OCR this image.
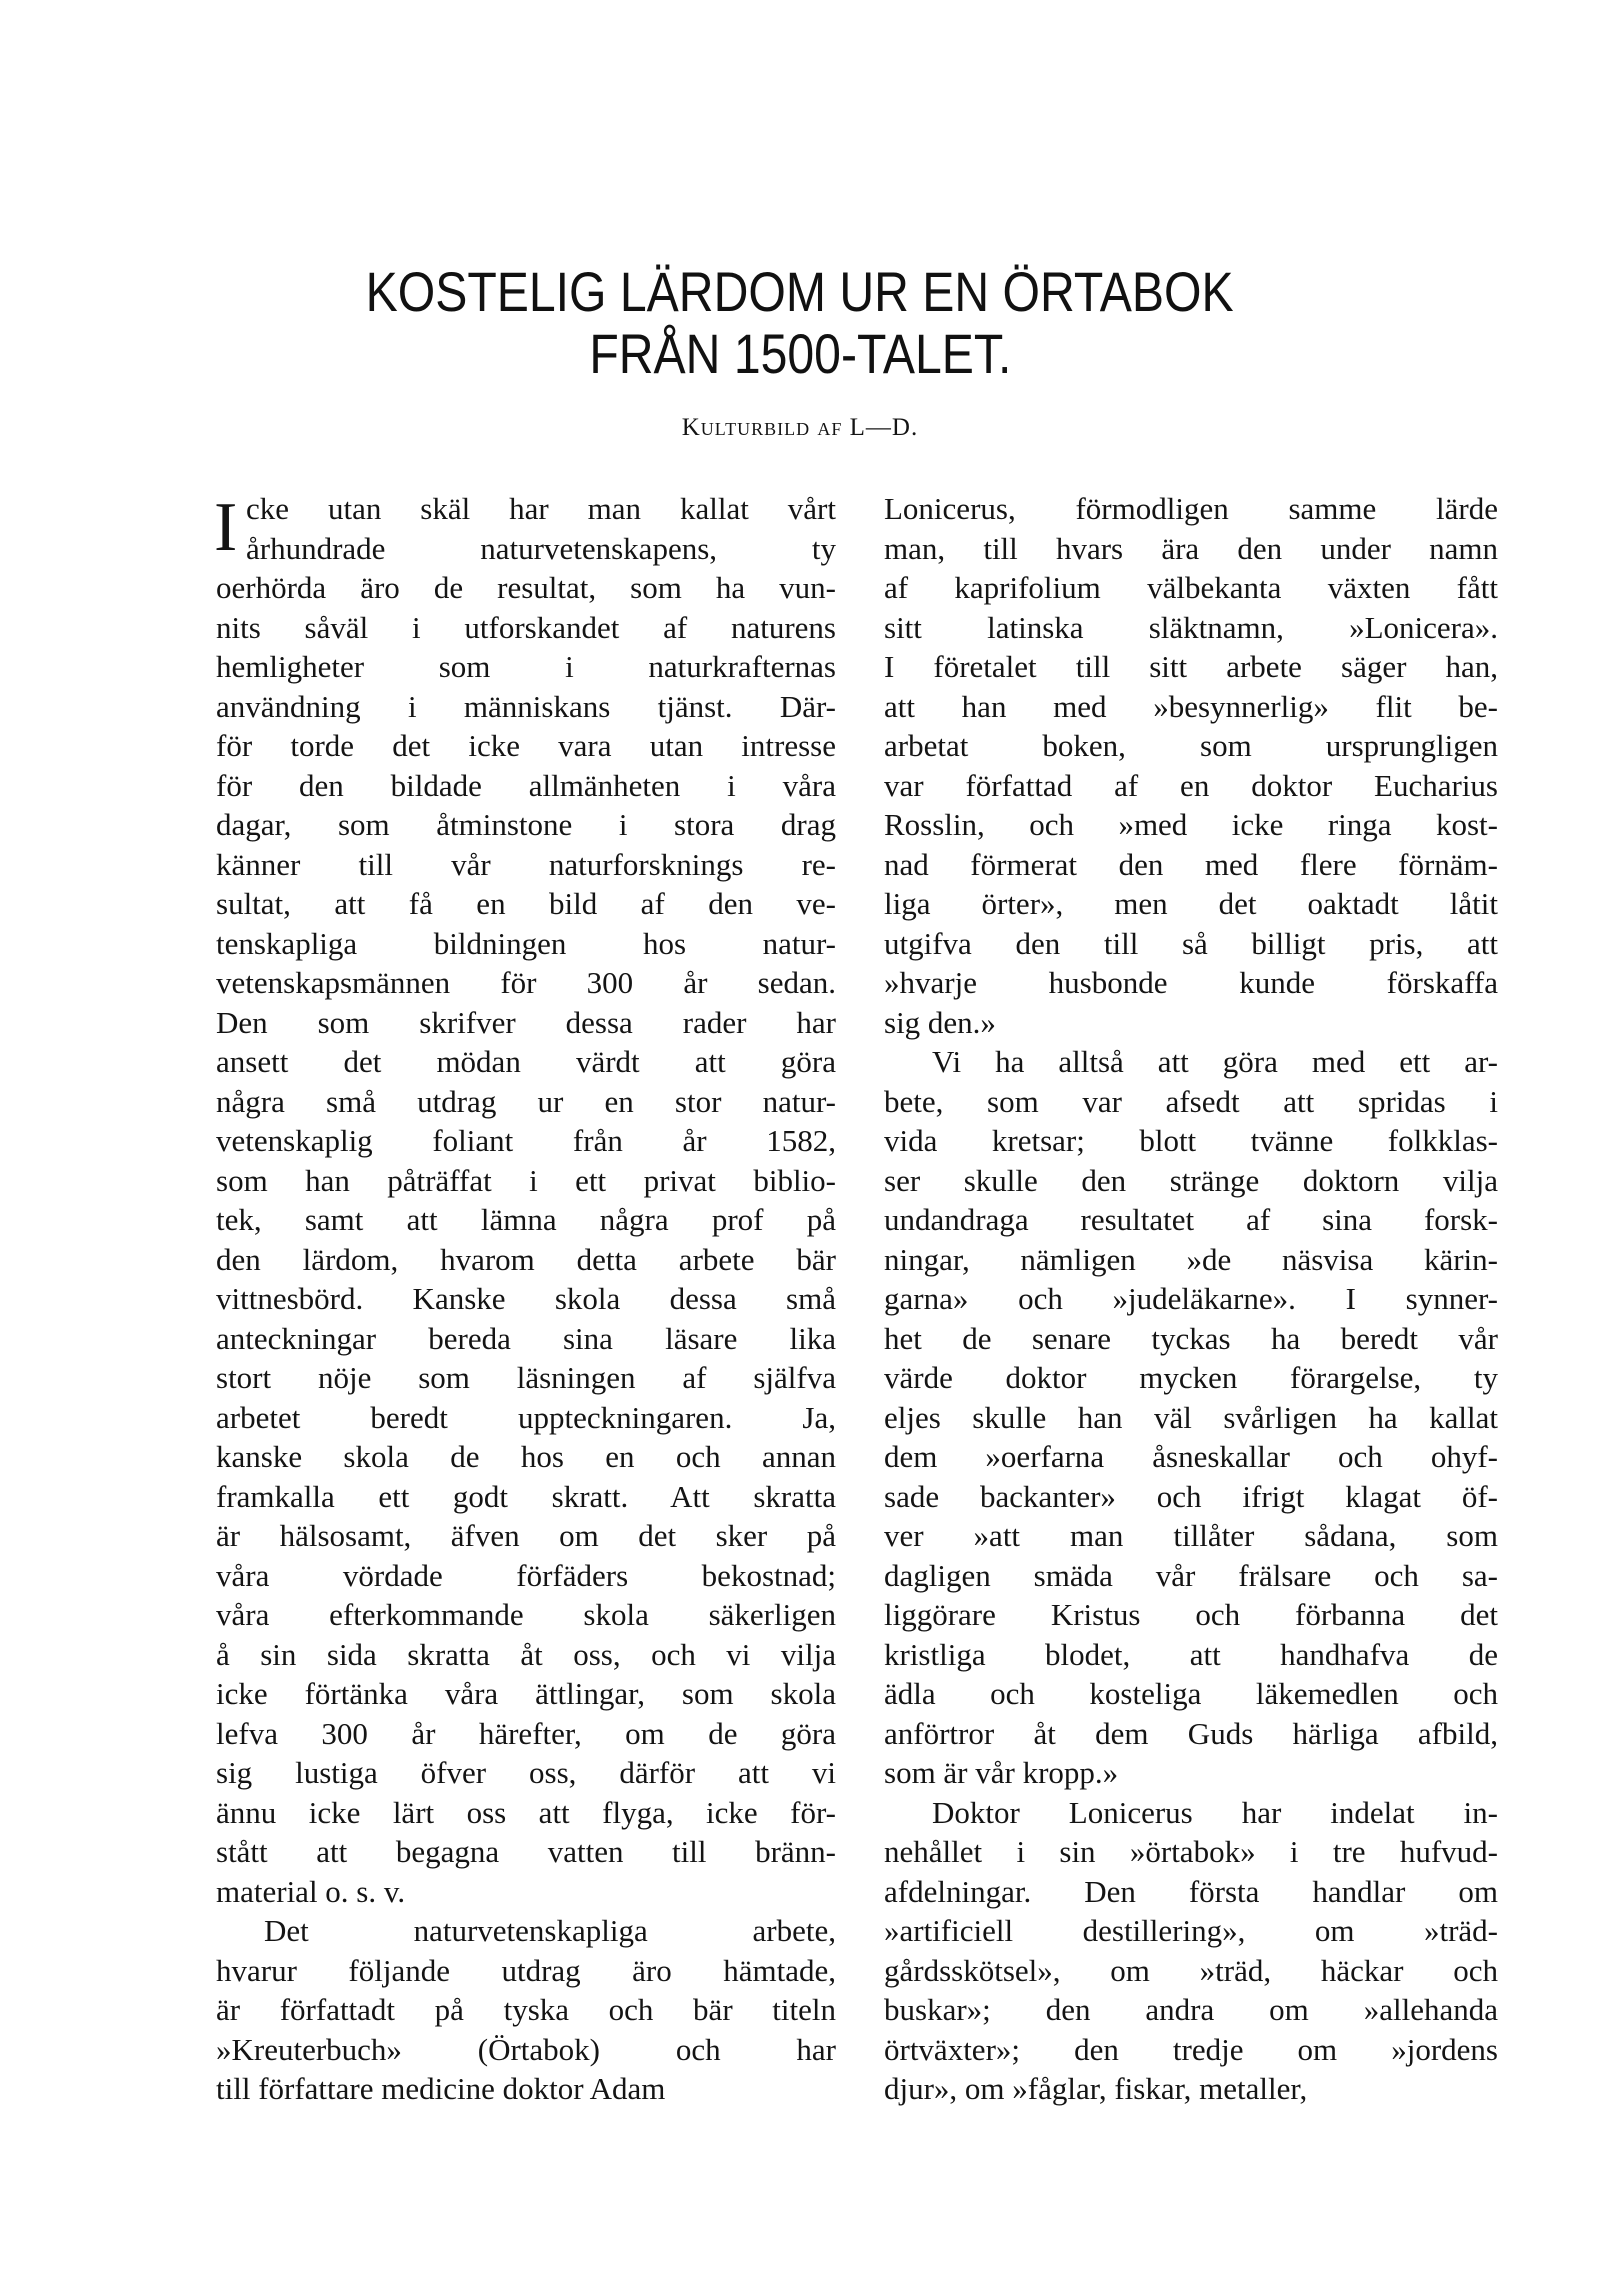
KOSTELIG LÄRDOM UR EN ÖRTABOK
FRÅN 1500-TALET.
Kulturbild af L—D.
I cke utan skäl har man kallat vårt
århundrade naturvetenskapens, ty
oerhörda äro de resultat, som ha vun-
nits såväl i utforskandet af naturens
hemligheter som i naturkrafternas
användning i människans tjänst. Där-
för torde det icke vara utan intresse
för den bildade allmänheten i våra
dagar, som åtminstone i stora drag
känner till vår naturforsknings re-
sultat, att få en bild af den ve-
tenskapliga bildningen hos natur-
vetenskapsmännen för 300 år sedan.
Den som skrifver dessa rader har
ansett det mödan värdt att göra
några små utdrag ur en stor natur-
vetenskaplig foliant från år 1582,
som han påträffat i ett privat biblio-
tek, samt att lämna några prof på
den lärdom, hvarom detta arbete bär
vittnesbörd. Kanske skola dessa små
anteckningar bereda sina läsare lika
stort nöje som läsningen af själfva
arbetet beredt uppteckningaren. Ja,
kanske skola de hos en och annan
framkalla ett godt skratt. Att skratta
är hälsosamt, äfven om det sker på
våra vördade förfäders bekostnad;
våra efterkommande skola säkerligen
å sin sida skratta åt oss, och vi vilja
icke förtänka våra ättlingar, som skola
lefva 300 år härefter, om de göra
sig lustiga öfver oss, därför att vi
ännu icke lärt oss att flyga, icke för-
stått att begagna vatten till bränn-
material o. s. v.
Det naturvetenskapliga arbete,
hvarur följande utdrag äro hämtade,
är författadt på tyska och bär titeln
»Kreuterbuch» (Örtabok) och har
till författare medicine doktor Adam
Lonicerus, förmodligen samme lärde
man, till hvars ära den under namn
af kaprifolium välbekanta växten fått
sitt latinska släktnamn, »Lonicera».
I företalet till sitt arbete säger han,
att han med »besynnerlig» flit be-
arbetat boken, som ursprungligen
var författad af en doktor Eucharius
Rosslin, och »med icke ringa kost-
nad förmerat den med flere förnäm-
liga örter», men det oaktadt låtit
utgifva den till så billigt pris, att
»hvarje husbonde kunde förskaffa
sig den.»
Vi ha alltså att göra med ett ar-
bete, som var afsedt att spridas i
vida kretsar; blott tvänne folkklas-
ser skulle den stränge doktorn vilja
undandraga resultatet af sina forsk-
ningar, nämligen »de näsvisa kärin-
garna» och »judeläkarne». I synner-
het de senare tyckas ha beredt vår
värde doktor mycken förargelse, ty
eljes skulle han väl svårligen ha kallat
dem »oerfarna åsneskallar och ohyf-
sade backanter» och ifrigt klagat öf-
ver »att man tillåter sådana, som
dagligen smäda vår frälsare och sa-
liggörare Kristus och förbanna det
kristliga blodet, att handhafva de
ädla och kosteliga läkemedlen och
anförtror åt dem Guds härliga afbild,
som är vår kropp.»
Doktor Lonicerus har indelat in-
nehållet i sin »örtabok» i tre hufvud-
afdelningar. Den första handlar om
»artificiell destillering», om »träd-
gårdsskötsel», om »träd, häckar och
buskar»; den andra om »allehanda
örtväxter»; den tredje om »jordens
djur», om »fåglar, fiskar, metaller,
